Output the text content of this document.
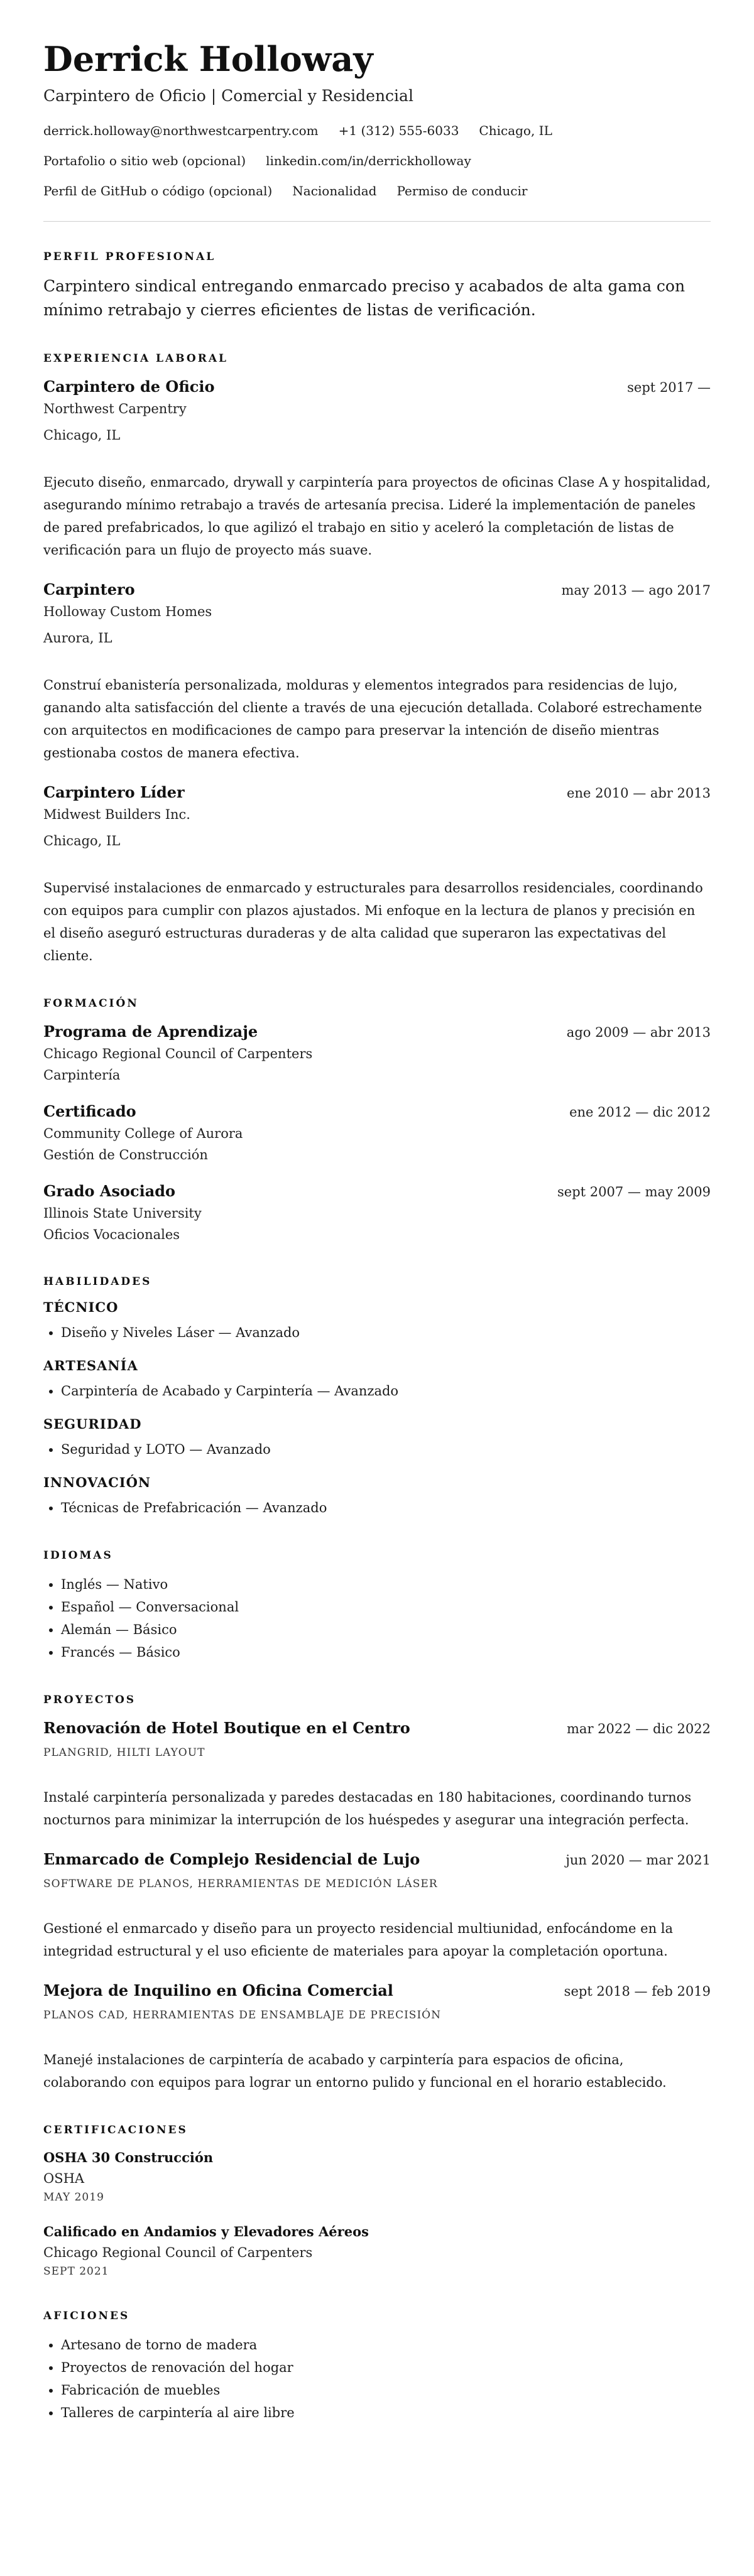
Derrick Holloway
Carpintero de Oficio | Comercial y Residencial
derrick.holloway@northwestcarpentry.com +1 (312) 555-6033 Chicago, IL
Portafolio o sitio web (opcional) linkedin.com/in/derrickholloway
Perfil de GitHub o código (opcional) Nacionalidad Permiso de conducir
PERFIL PROFESIONAL

Carpintero sindical entregando enmarcado preciso y acabados de alta gama con mínimo retrabajo y cierres eficientes de listas de verificación.

EXPERIENCIA LABORAL
Carpintero de Oficio	sept 2017 —
Northwest Carpentry
Chicago, IL
Ejecuto diseño, enmarcado, drywall y carpintería para proyectos de oficinas Clase A y hospitalidad, asegurando mínimo retrabajo a través de artesanía precisa. Lideré la implementación de paneles de pared prefabricados, lo que agilizó el trabajo en sitio y aceleró la completación de listas de verificación para un flujo de proyecto más suave.
Carpintero	may 2013 — ago 2017
Holloway Custom Homes
Aurora, IL
Construí ebanistería personalizada, molduras y elementos integrados para residencias de lujo, ganando alta satisfacción del cliente a través de una ejecución detallada. Colaboré estrechamente con arquitectos en modificaciones de campo para preservar la intención de diseño mientras gestionaba costos de manera efectiva.
Carpintero Líder	ene 2010 — abr 2013
Midwest Builders Inc.
Chicago, IL
Supervisé instalaciones de enmarcado y estructurales para desarrollos residenciales, coordinando con equipos para cumplir con plazos ajustados. Mi enfoque en la lectura de planos y precisión en el diseño aseguró estructuras duraderas y de alta calidad que superaron las expectativas del cliente.
FORMACIÓN
Programa de Aprendizaje	ago 2009 — abr 2013
Chicago Regional Council of Carpenters
Carpintería
Certificado	ene 2012 — dic 2012
Community College of Aurora
Gestión de Construcción
Grado Asociado	sept 2007 — may 2009
Illinois State University
Oficios Vocacionales
HABILIDADES
TÉCNICO
• Diseño y Niveles Láser — Avanzado
ARTESANÍA
• Carpintería de Acabado y Carpintería — Avanzado
SEGURIDAD
• Seguridad y LOTO — Avanzado
INNOVACIÓN
• Técnicas de Prefabricación — Avanzado
IDIOMAS
• Inglés — Nativo
• Español — Conversacional
• Alemán — Básico
• Francés — Básico
PROYECTOS
Renovación de Hotel Boutique en el Centro	mar 2022 — dic 2022
PLANGRID, HILTI LAYOUT
Instalé carpintería personalizada y paredes destacadas en 180 habitaciones, coordinando turnos nocturnos para minimizar la interrupción de los huéspedes y asegurar una integración perfecta.
Enmarcado de Complejo Residencial de Lujo	jun 2020 — mar 2021
SOFTWARE DE PLANOS, HERRAMIENTAS DE MEDICIÓN LÁSER
Gestioné el enmarcado y diseño para un proyecto residencial multiunidad, enfocándome en la integridad estructural y el uso eficiente de materiales para apoyar la completación oportuna.
Mejora de Inquilino en Oficina Comercial	sept 2018 — feb 2019
PLANOS CAD, HERRAMIENTAS DE ENSAMBLAJE DE PRECISIÓN
Manejé instalaciones de carpintería de acabado y carpintería para espacios de oficina, colaborando con equipos para lograr un entorno pulido y funcional en el horario establecido.
CERTIFICACIONES
OSHA 30 Construcción
OSHA
MAY 2019
Calificado en Andamios y Elevadores Aéreos
Chicago Regional Council of Carpenters
SEPT 2021
AFICIONES
• Artesano de torno de madera
• Proyectos de renovación del hogar
• Fabricación de muebles
• Talleres de carpintería al aire libre
